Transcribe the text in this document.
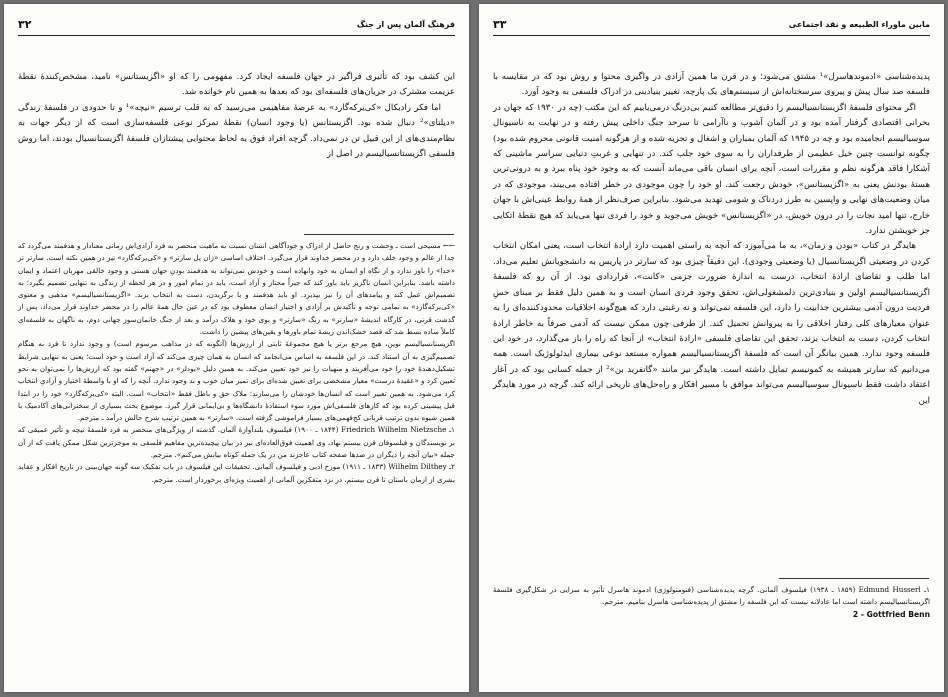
فرهنگ آلمان پس از جنگ
۳۲

این کشف بود که تأثیری فراگیر در جهان فلسفه ایجاد کرد. مفهومی را که او «اگزیستانس» نامید، مشخص‌کنندهٔ نقطهٔ عزیمت مشترک در جریان‌های فلسفه‌ای بود که بعدها به همین نام خوانده شد.

اما فکر رادیکال «کی‌یرکه‌گارد» به عرصهٔ مفاهیمی می‌رسید که به قلب ترسیم «نیچه»¹ و تا حدودی در فلسفهٔ زندگی «دیلتای»² دنبال شده بود. اگزیستانس (یا وجود انسان) نقطهٔ تمرکز نوعی فلسفه‌سازی است که از دیگر جهات به نظام‌مندی‌های از این قبیل تن در نمی‌داد. گرچه افراد فوق به لحاظ محتوایی پیشتازان فلسفهٔ اگزیستانسیال بودند، اما روش فلسفی اگزیستانسیالیسم در اصل از

←← مسیحی است ـ وحشت و رنج حاصل از ادراک و خودآگاهی انسان نسبت به ماهیت منحصر به فرد آزادی‌اش زمانی معنادار و هدفمند می‌گردد که جدا از عالم و وجود خلف ‌دارد و در محضر خداوند قرار می‌گیرد. اختلاف اساسی «ژان پل سارتر» و «کی‌یرکه‌گارد» نیز در همین نکته است. سارتر ‌تر «خدا» را باور ندارد و از نگاه او انسان به خود وانهاده است و خودش نمی‌تواند به هدفمند بودنِ جهان هستی و وجود خالقی مهربان اعتماد و ایمان داشته باشد. بنابراین انسان ناگزیر باید باور کند که جبراً محتاز و آزاد است، باید در تمام امور و در هر لحظه از زندگی به تنهایی تصمیم بگیرد؛ به تصمیم‌اش عمل کند و پیامدهای آن را نیز بپذیرد. او باید هدفمند و با برگزیدن، دست به انتخاب بزند. «اگزیستانسیالیسم» مذهبی و معنوی «کی‌یرکه‌گارد» به تمامی توجه و تأکیدش بر آزادی و اختیار انسان معطوف بود که در عین حال همهٔ عالم را در محضر خداوند قرار می‌داد، پس از گذشت قرنی، در کارگاه اندیشهٔ «سارتر» به رنگ «سارتر» و بوی خود و هلاک درآمد و بعد از جنگ خانمان‌سوز جهانی دوم، به ناگهان به فلسفه‌ای کاملاً ساده بسط شد که قصد خشک‌اندن ریشهٔ تمام باورها و یقین‌های پیشین را داشت.

اگزیستانسیالیسم نوین، هیچ مرجع برتر یا هیچ مجموعهٔ ثابتی از ارزش‌ها (آنگونه که در مذاهب مرسوم است) و وجود ندارد تا فرد به هنگام تصمیم‌گیری به آن استناد کند. در این فلسفه به اساس می‌انجامد که انسان به همان چیزی می‌کند که آزاد است و خود است؛ یعنی به تنهایی شرایط تشکیل‌دهندهٔ خود را خود می‌آفریند و منهیات را نیز خود تعیین می‌کند. به همین دلیل «بودلر» در «جهنم» گفته بود که ارزش‌ها را نمی‌توان به نحو تعیین کرد و «عقیدهٔ درست» معیار مشخصی برای تعیین شده‌ای برای تمیز میان خوب و بد وجود ندارد. آنچه را که او با واسطهٔ اختیار و آزادیِ انتخاب کرد می‌شود. به همین تعبیر است که انسان‌ها خودشان را می‌سازند؛ ملاک حق و باطل فقط «انتخاب» است. البته «کی‌یرکه‌گارد» خود را در ابتدا قبل پیشینی کرده بود که کارهای فلسفی‌اش مورد سوء استفادهٔ دانشگاه‌ها و بی‌ایمانی قرار گیرد. موضوع بحث بسیاری از سخنرانی‌های آکادمیک با همین شیوه بدون ترتیب قربانی کج‌فهمی‌های بسیار فراموشی گرفته است. «سارتر» به همین ترتیب ‌شرح حالش درآمد ـ مترجم.

۱ـ Friedrich Wilhelm Nietzsche (۱۸۴۴ ـ ۱۹۰۰) فیلسوف بلندآوازهٔ آلمان. گذشته از ویژگی‌های منحصر به فرد فلسفهٔ نیچه و تأثیر عمیقی که بر نویسندگان و فیلسوفان قرن بیستم نهاد، وی اهمیت فوق‌العاده‌ای نیز در بیان پیچیده‌ترین مفاهیم فلسفی به موجزترین شکل ممکن یافت که از آن جمله «بیان آنچه را دیگران در صدها صفحه کتاب عاجزند من در یک جمله کوتاه بیانش می‌کنم». مترجم.

۲ـ Wilhelm Dilthey (۱۸۳۳ ـ ۱۹۱۱) مورخ ادبی و فیلسوف آلمانی. تحقیقات این فیلسوف در باب تفکیک سه گونه جهان‌بینی در تاریخ افکار و عقاید بشری از ازمان باستان تا قرن بیستم، در نزد متفکرین آلمانی از اهمیت ویژه‌ای برخوردار است. مترجم.

مابین ماوراء الطبیعه و نقد اجتماعی
۳۳

پدیده‌شناسی «ادموندهاسرل»¹ مشتق می‌شود؛ و در قرن ما همین آزادی در واگیری محتوا و روش بود که در مقایسه با فلسفه صد سال پیش و پیروی سرسختانه‌اش از سیستم‌های یک پارچه، تغییر بنیادینی در ادراک فلسفی به وجود آورد.

اگر محتوای فلسفهٔ اگزیستانسیالیسم را دقیق‌تر مطالعه کنیم بی‌درنگ درمی‌یابیم که این مکتب (چه در ۱۹۳۰ که جهان در بحرانی اقتصادی گرفتار آمده بود و در آلمان آشوب و ناآرامی تا سرحد جنگ داخلی پیش رفته و در نهایت به ناسیونال سوسیالیسم انجامیده بود و چه در ۱۹۴۵ که آلمان بمباران و اشغال و تجزیه شده و از هرگونه امنیت قانونی محروم شده بود) چگونه توانست چنین خیل عظیمی از طرفداران را به سوی خود جلب کند. در تنهایی و غربتِ دنیایی سراسر ماشینی که آشکارا فاقد هرگونه نظم و مقررات است، آنچه برای انسان باقی می‌ماند آنست که به وجود خود پناه ببرد و به درونی‌ترین هستهٔ بودنش یعنی به «اگزیستانس»، خودش رجعت کند. او خود را چون موجودی در خطر افتاده می‌بیند، موجودی که در میان وضعیت‌های نهایی و واپسین به طرز دردناک و شومی تهدید می‌شود. بنابراین صرف‌نظر از همهٔ روابط عینی‌اش با جهان خارج، تنها امید نجات را در درون خویش، در «اگزیستانس» خویش می‌جوید و خود را فردی تنها می‌یابد که هیچ نقطهٔ اتکایی جز خویشتن ندارد.

هایدگر در کتاب «بودن و زمان»، به ما می‌آموزد که آنچه به راستی اهمیت دارد ارادهٔ انتخاب است، یعنی امکان انتخاب کردن در وضعیتی اگزیستانسیال (یا وضعیتی وجودی). این دقیقاً چیزی بود که سارتر در پاریس به دانشجویانش تعلیم می‌داد. اما طلب و تقاضای ارادهٔ انتخاب، درست به اندازهٔ ضرورت جزمی «کانت»، قراردادی بود. از آن رو که فلسفهٔ اگزیستانسیالیسم اولین و بنیادی‌ترین دلمشغولی‌اش، تحقق وجود فردی انسان است و به همین دلیل فقط بر مبنای حسِ فردیت درون آدمی بیشترین جذابیت را دارد، این فلسفه نمی‌تواند و نه رغبتی دارد که هیچ‌گونه اخلاقیات محدودکننده‌ای را به عنوان معیارهای کلی رفتار اخلاقی را به پیروانش تحمیل کند. از طرفی چون ممکن نیست که آدمی صرفاً به خاطر ارادهٔ انتخاب کردن، دست به انتخاب بزند، تحقق این تقاضای فلسفی «ارادهٔ انتخاب» از آنجا که راه را باز می‌گذارد، در خود این فلسفه وجود ندارد. همین بیانگر آن است که فلسفهٔ اگزیستانسیالیسم همواره مستعد نوعی بیماری ایدئولوژیک است. همه می‌دانیم که سارتر همیشه به کمونیسم تمایل داشته است. هایدگر نیز مانند «گاتفرید بن»² از جمله کسانی بود که در آغاز اعتقاد داشت فقط ناسیونال سوسیالیسم می‌تواند موافق با مسیر افکار و راه‌حل‌های تاریخی ارائه کند. گرچه در مورد هایدگر این

۱ـ Edmund Husserl (۱۸۵۹ ـ ۱۹۳۸) فیلسوف آلمانی. گرچه پدیده‌شناسی (فنومنولوژی) ادموند هاسرل تأثیر به سزایی در شکل‌گیری فلسفهٔ اگزیستانسیالیسم داشته است اما عادلانه نیست که این فلسفه را مشتق از پدیده‌شناسی هاسرل بنامیم. مترجم.

2 - Gottfried Benn
